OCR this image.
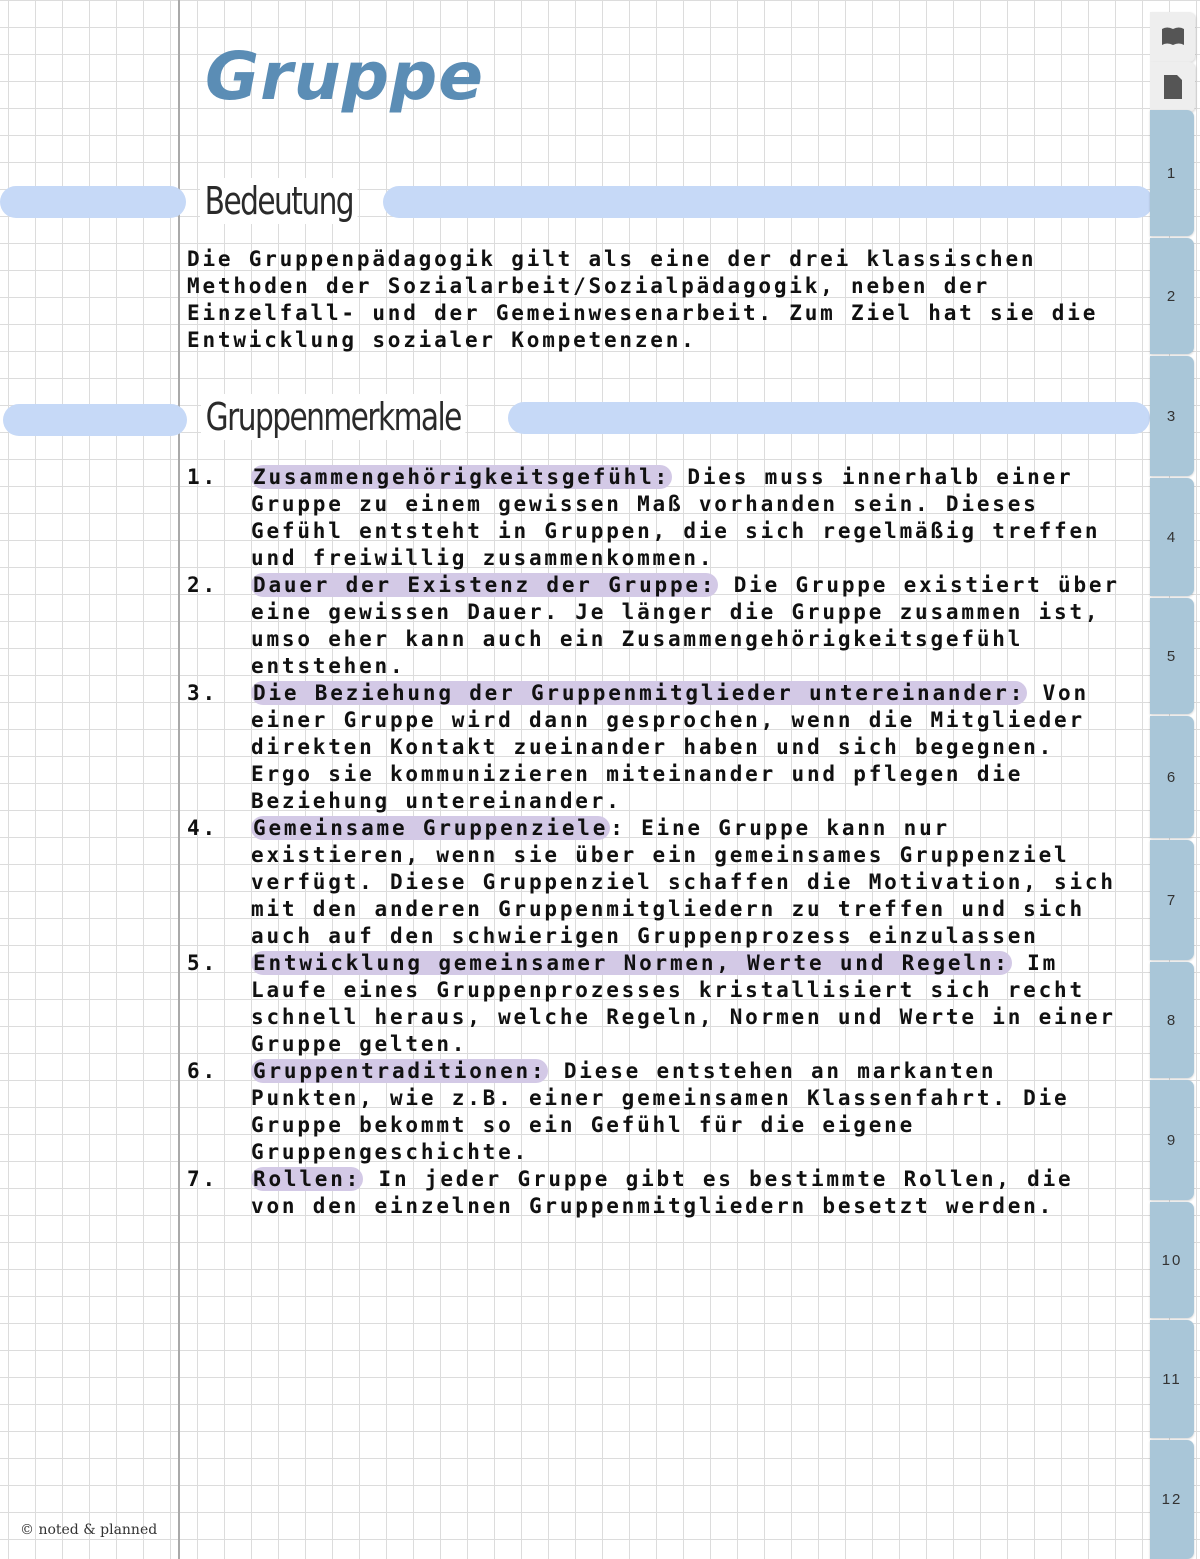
Gruppe
Bedeutung

Die Gruppenpädagogik gilt als eine der drei klassischen Methoden der Sozialarbeit/Sozialpädagogik, neben der Einzelfall- und der Gemeinwesenarbeit. Zum Ziel hat sie die Entwicklung sozialer Kompetenzen.

Gruppenmerkmale
1. Zusammengehörigkeitsgefühl: Dies muss innerhalb einer Gruppe zu einem gewissen Maß vorhanden sein. Dieses Gefühl entsteht in Gruppen, die sich regelmäßig treffen und freiwillig zusammenkommen.
2. Dauer der Existenz der Gruppe: Die Gruppe existiert über eine gewissen Dauer. Je länger die Gruppe zusammen ist, umso eher kann auch ein Zusammengehörigkeitsgefühl entstehen.
3. Die Beziehung der Gruppenmitglieder untereinander: Von einer Gruppe wird dann gesprochen, wenn die Mitglieder direkten Kontakt zueinander haben und sich begegnen. Ergo sie kommunizieren miteinander und pflegen die Beziehung untereinander.
4. Gemeinsame Gruppenziele: Eine Gruppe kann nur existieren, wenn sie über ein gemeinsames Gruppenziel verfügt. Diese Gruppenziel schaffen die Motivation, sich mit den anderen Gruppenmitgliedern zu treffen und sich auch auf den schwierigen Gruppenprozess einzulassen
5. Entwicklung gemeinsamer Normen, Werte und Regeln: Im Laufe eines Gruppenprozesses kristallisiert sich recht schnell heraus, welche Regeln, Normen und Werte in einer Gruppe gelten.
6. Gruppentraditionen: Diese entstehen an markanten Punkten, wie z.B. einer gemeinsamen Klassenfahrt. Die Gruppe bekommt so ein Gefühl für die eigene Gruppengeschichte.
7. Rollen: In jeder Gruppe gibt es bestimmte Rollen, die von den einzelnen Gruppenmitgliedern besetzt werden.
© noted & planned
1
2
3
4
5
6
7
8
9
10
11
12
